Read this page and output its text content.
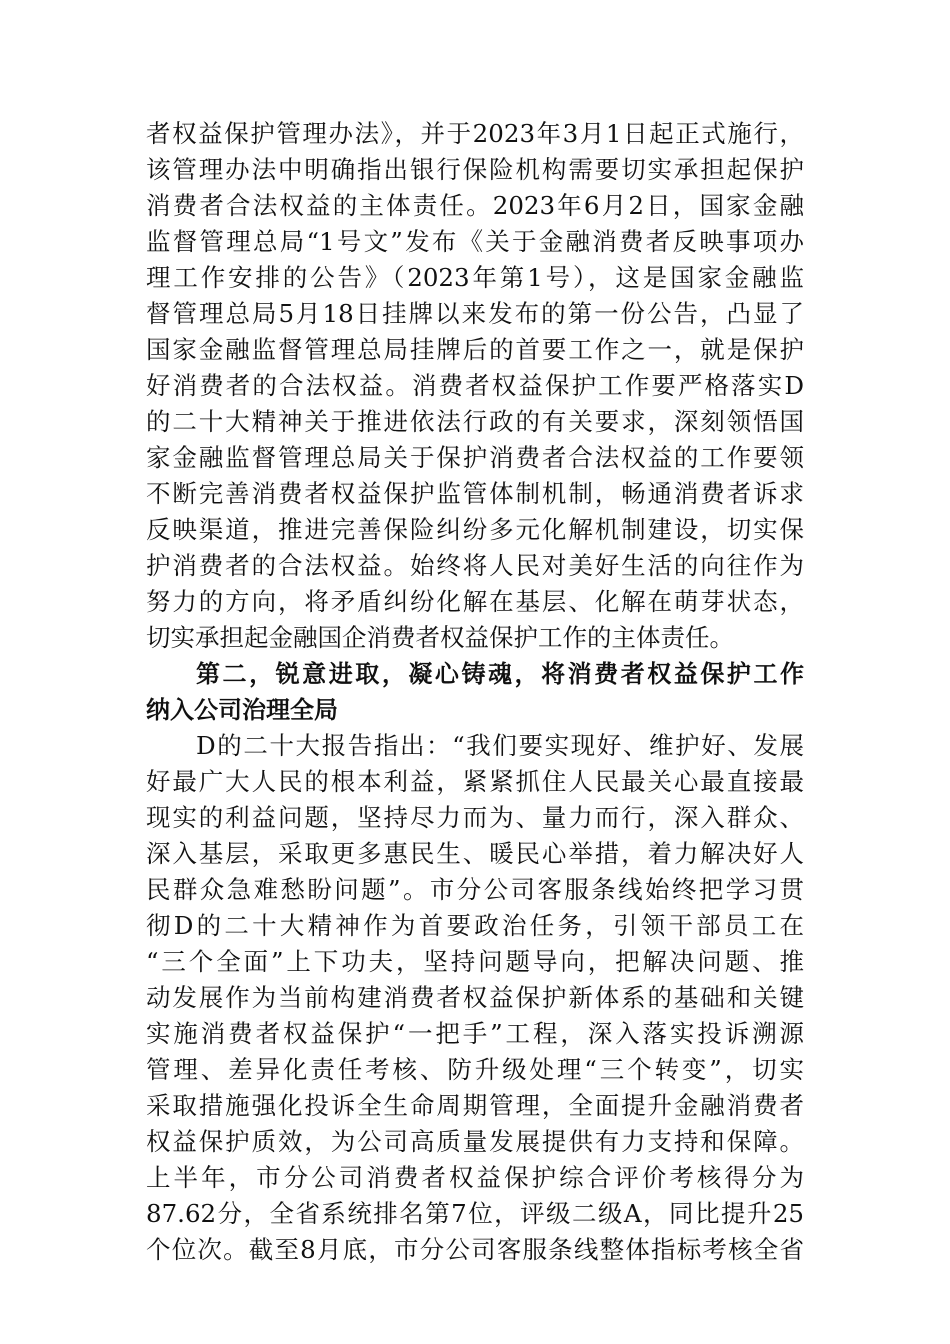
者权益保护管理办法》，并于2023年3月1日起正式施行，
该管理办法中明确指出银行保险机构需要切实承担起保护
消费者合法权益的主体责任。2023年6月2日，国家金融
监督管理总局“1号文”发布《关于金融消费者反映事项办
理工作安排的公告》（2023年第1号），这是国家金融监
督管理总局5月18日挂牌以来发布的第一份公告，凸显了
国家金融监督管理总局挂牌后的首要工作之一，就是保护
好消费者的合法权益。消费者权益保护工作要严格落实D
的二十大精神关于推进依法行政的有关要求，深刻领悟国
家金融监督管理总局关于保护消费者合法权益的工作要领
不断完善消费者权益保护监管体制机制，畅通消费者诉求
反映渠道，推进完善保险纠纷多元化解机制建设，切实保
护消费者的合法权益。始终将人民对美好生活的向往作为
努力的方向，将矛盾纠纷化解在基层、化解在萌芽状态，
切实承担起金融国企消费者权益保护工作的主体责任。
第二，锐意进取，凝心铸魂，将消费者权益保护工作
纳入公司治理全局
D的二十大报告指出：“我们要实现好、维护好、发展
好最广大人民的根本利益，紧紧抓住人民最关心最直接最
现实的利益问题，坚持尽力而为、量力而行，深入群众、
深入基层，采取更多惠民生、暖民心举措，着力解决好人
民群众急难愁盼问题”。市分公司客服条线始终把学习贯
彻D的二十大精神作为首要政治任务，引领干部员工在
“三个全面”上下功夫，坚持问题导向，把解决问题、推
动发展作为当前构建消费者权益保护新体系的基础和关键
实施消费者权益保护“一把手”工程，深入落实投诉溯源
管理、差异化责任考核、防升级处理“三个转变”，切实
采取措施强化投诉全生命周期管理，全面提升金融消费者
权益保护质效，为公司高质量发展提供有力支持和保障。
上半年，市分公司消费者权益保护综合评价考核得分为
87.62分，全省系统排名第7位，评级二级A，同比提升25
个位次。截至8月底，市分公司客服条线整体指标考核全省
